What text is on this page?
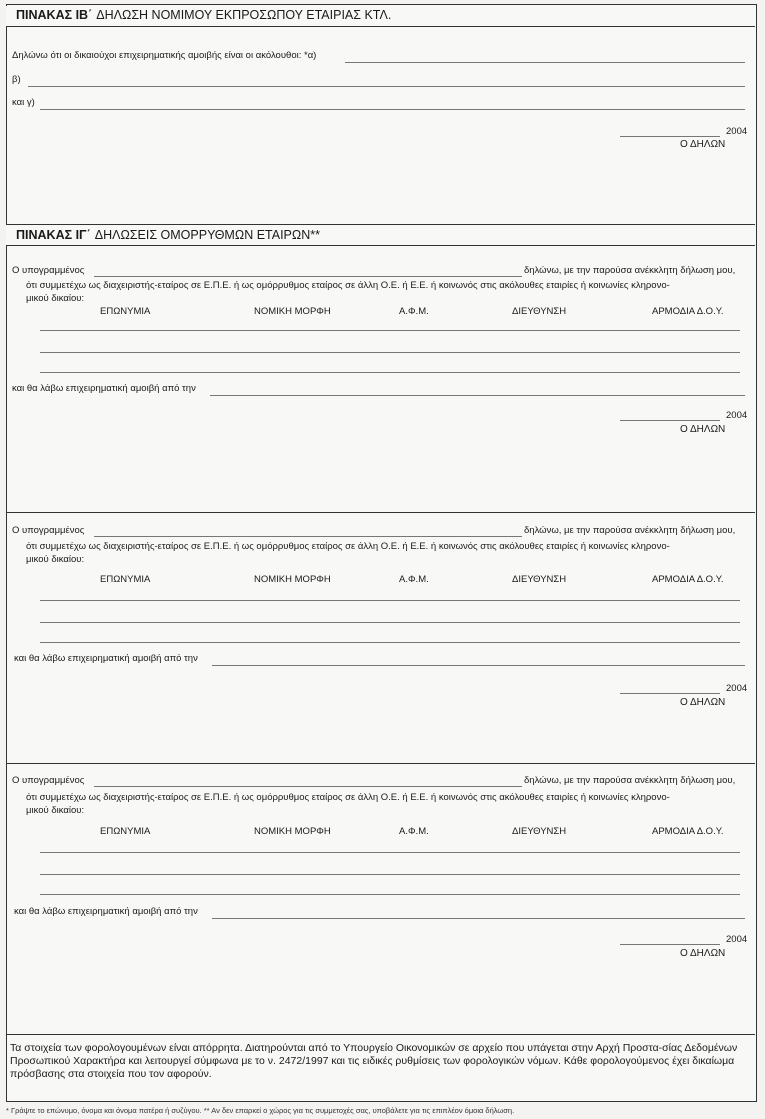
ΠΙΝΑΚΑΣ ΙΒ΄ ΔΗΛΩΣΗ ΝΟΜΙΜΟΥ ΕΚΠΡΟΣΩΠΟΥ ΕΤΑΙΡΙΑΣ ΚΤΛ.
Δηλώνω ότι οι δικαιούχοι επιχειρηματικής αμοιβής είναι οι ακόλουθοι: *α)
β)
και γ)
2004
Ο ΔΗΛΩΝ
ΠΙΝΑΚΑΣ ΙΓ΄ ΔΗΛΩΣΕΙΣ ΟΜΟΡΡΥΘΜΩΝ ΕΤΑΙΡΩΝ**
Ο υπογραμμένος	δηλώνω, με την παρούσα ανέκκλητη δήλωση μου,
ότι συμμετέχω ως διαχειριστής-εταίρος σε Ε.Π.Ε. ή ως ομόρρυθμος εταίρος σε άλλη Ο.Ε. ή Ε.Ε. ή κοινωνός στις ακόλουθες εταιρίες ή κοινωνίες κληρονο-
μικού δικαίου:
ΕΠΩΝΥΜΙΑ	ΝΟΜΙΚΗ ΜΟΡΦΗ	Α.Φ.Μ.	ΔΙΕΥΘΥΝΣΗ	ΑΡΜΟΔΙΑ Δ.Ο.Υ.
και θα λάβω επιχειρηματική αμοιβή από την
2004
Ο ΔΗΛΩΝ
Ο υπογραμμένος	δηλώνω, με την παρούσα ανέκκλητη δήλωση μου,
ότι συμμετέχω ως διαχειριστής-εταίρος σε Ε.Π.Ε. ή ως ομόρρυθμος εταίρος σε άλλη Ο.Ε. ή Ε.Ε. ή κοινωνός στις ακόλουθες εταιρίες ή κοινωνίες κληρονο-
μικού δικαίου:
ΕΠΩΝΥΜΙΑ	ΝΟΜΙΚΗ ΜΟΡΦΗ	Α.Φ.Μ.	ΔΙΕΥΘΥΝΣΗ	ΑΡΜΟΔΙΑ Δ.Ο.Υ.
και θα λάβω επιχειρηματική αμοιβή από την
2004
Ο ΔΗΛΩΝ
Ο υπογραμμένος	δηλώνω, με την παρούσα ανέκκλητη δήλωση μου,
ότι συμμετέχω ως διαχειριστής-εταίρος σε Ε.Π.Ε. ή ως ομόρρυθμος εταίρος σε άλλη Ο.Ε. ή Ε.Ε. ή κοινωνός στις ακόλουθες εταιρίες ή κοινωνίες κληρονο-
μικού δικαίου:
ΕΠΩΝΥΜΙΑ	ΝΟΜΙΚΗ ΜΟΡΦΗ	Α.Φ.Μ.	ΔΙΕΥΘΥΝΣΗ	ΑΡΜΟΔΙΑ Δ.Ο.Υ.
και θα λάβω επιχειρηματική αμοιβή από την
2004
Ο ΔΗΛΩΝ
Τα στοιχεία των φορολογουμένων είναι απόρρητα. Διατηρούνται από το Υπουργείο Οικονομικών σε αρχείο που υπάγεται στην Αρχή Προστα-σίας Δεδομένων Προσωπικού Χαρακτήρα και λειτουργεί σύμφωνα με το ν. 2472/1997 και τις ειδικές ρυθμίσεις των φορολογικών νόμων. Κάθε φορολογούμενος έχει δικαίωμα πρόσβασης στα στοιχεία που τον αφορούν.
* Γράψτε το επώνυμο, όνομα και όνομα πατέρα ή συζύγου. ** Αν δεν επαρκεί ο χώρος για τις συμμετοχές σας, υποβάλετε για τις επιπλέον όμοια δήλωση.
